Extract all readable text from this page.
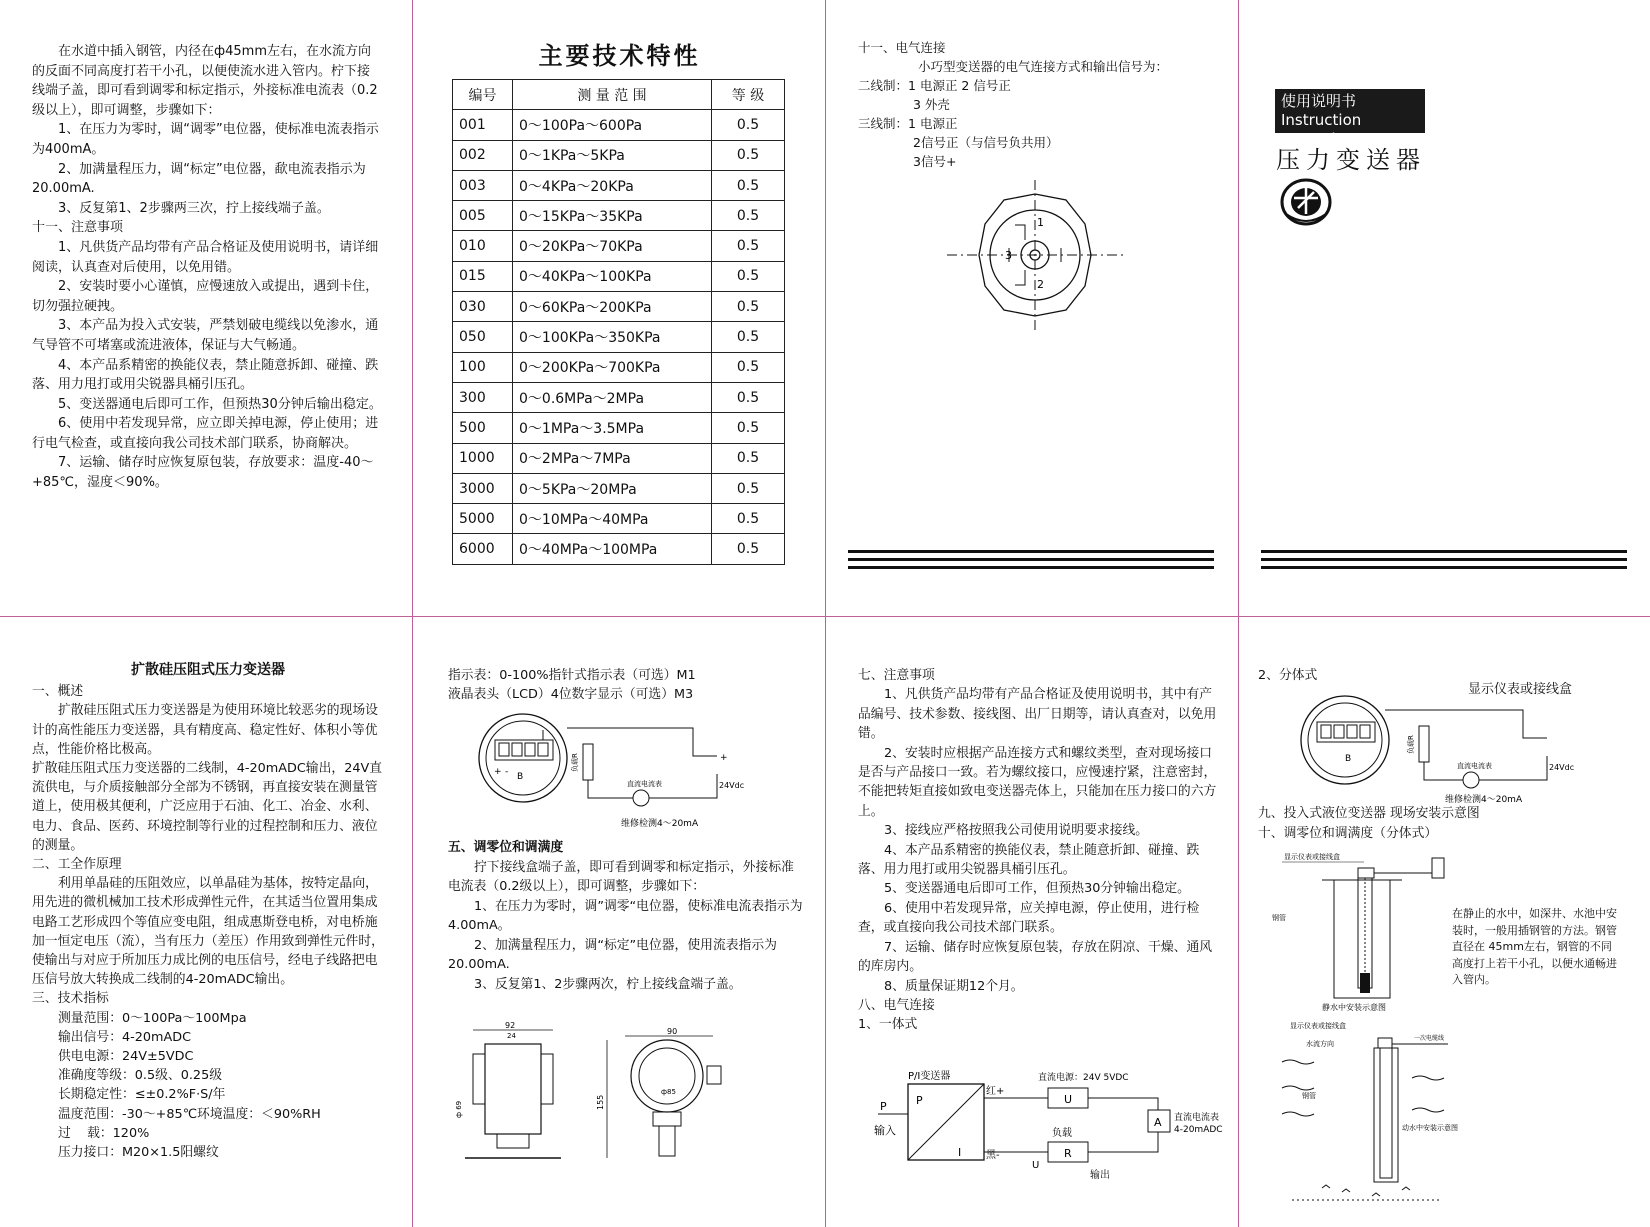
在水道中插入钢管，内径在ф45mm左右，在水流方向的反面不同高度打若干小孔，以便使流水进入管内。柠下接线端子盖，即可看到调零和标定指示，外接标准电流表（0.2级以上），即可调整，步骤如下：

1、在压力为零时，调“调零”电位器，使标准电流表指示为400mA。

2、加满量程压力，调“标定”电位器，歃电流表指示为20.00mA.

3、反复第1、2步骤两三次，拧上接线端子盖。

十一、注意事项

1、凡供货产品均带有产品合格证及使用说明书，请详细阅读，认真查对后使用，以免用错。

2、安装时要小心谨慎，应慢速放入或提出，遇到卡住，切勿强拉硬拽。

3、本产品为投入式安装，严禁划破电缆线以免渗水，通气导管不可堵塞或流进液体，保证与大气畅通。

4、本产品系精密的换能仪表，禁止随意拆卸、碰撞、跌落、用力甩打或用尖锐器具桶引压孔。

5、变送器通电后即可工作，但预热30分钟后输出稳定。

6、使用中若发现异常，应立即关掉电源，停止使用；进行电气检查，或直接向我公司技术部门联系，协商解决。

7、运输、储存时应恢复原包装，存放要求：温度-40～+85℃，湿度＜90%。

主要技术特性
编号	测 量 范 围	等 级
001	0～100Pa～600Pa	0.5
002	0～1KPa～5KPa	0.5
003	0～4KPa～20KPa	0.5
005	0～15KPa～35KPa	0.5
010	0～20KPa～70KPa	0.5
015	0～40KPa～100KPa	0.5
030	0～60KPa～200KPa	0.5
050	0～100KPa～350KPa	0.5
100	0～200KPa～700KPa	0.5
300	0～0.6MPa～2MPa	0.5
500	0～1MPa～3.5MPa	0.5
1000	0～2MPa～7MPa	0.5
3000	0～5KPa～20MPa	0.5
5000	0～10MPa～40MPa	0.5
6000	0～40MPa～100MPa	0.5

十一、电气连接

小巧型变送器的电气连接方式和输出信号为：

二线制：1 电源正 2 信号正

3 外壳

三线制：1 电源正

2信号正（与信号负共用）

3信号+

1
2
3
使用说明书
Instruction Manual
压力变送器

扩散硅压阻式压力变送器

一、概述

扩散硅压阻式压力变送器是为使用环境比较恶劣的现场设计的高性能压力变送器，具有精度高、稳定性好、体积小等优点，性能价格比极高。

扩散硅压阻式压力变送器的二线制，4-20mADC输出，24V直流供电，与介质接触部分全部为不锈钢，再直接安装在测量管道上，使用极其便利，广泛应用于石油、化工、冶金、水利、电力、食品、医药、环境控制等行业的过程控制和压力、液位的测量。

二、工全作原理

利用单晶硅的压阻效应，以单晶硅为基体，按特定晶向，用先进的微机械加工技术形成弹性元件，在其适当位置用集成电路工艺形成四个等值应变电阻，组成惠斯登电桥，对电桥施加一恒定电压（流），当有压力（差压）作用致到弹性元件时，使输出与对应于所加压力成比例的电压信号，经电子线路把电压信号放大转换成二线制的4-20mADC输出。

三、技术指标

测量范围：0～100Pa～100Mpa

输出信号：4-20mADC

供电电源：24V±5VDC

准确度等级：0.5级、0.25级

长期稳定性：≤±0.2%F·S/年

温度范围：-30～+85℃环境温度：＜90%RH

过    载：120%

压力接口：M20×1.5阳螺纹

指示表：0-100%指针式指示表（可选）M1

液晶表头（LCD）4位数字显示（可选）M3

+ - B
负载R
直流电流表
+
24Vdc
维修检测4～20mA

五、调零位和调满度

拧下接线盒端子盖，即可看到调零和标定指示，外接标准电流表（0.2级以上），即可调整，步骤如下：

1、在压力为零时，调”调零“电位器，使标准电流表指示为4.00mA。

2、加满量程压力，调“标定”电位器，使用流表指示为20.00mA.

3、反复第1、2步骤两次，柠上接线盒端子盖。

92
24
ф 69
90
ф85
155

七、注意事项

1、凡供货产品均带有产品合格证及使用说明书，其中有产品编号、技术参数、接线图、出厂日期等，请认真查对，以免用错。

2、安装时应根据产品连接方式和螺纹类型，查对现场接口是否与产品接口一致。若为螺纹接口，应慢速拧紧，注意密封，不能把转矩直接如致电变送器壳体上，只能加在压力接口的六方上。

3、接线应严格按照我公司使用说明要求接线。

4、本产品系精密的换能仪表，禁止随意折卸、碰撞、跌落、用力甩打或用尖锐器具桶引压孔。

5、变送器通电后即可工作，但预热30分钟输出稳定。

6、使用中若发现异常，应关掉电源，停止使用，进行检查，或直接向我公司技术部门联系。

7、运输、储存时应恢复原包装，存放在阴凉、干燥、通风的库房内。

8、质量保证期12个月。

八、电气连接

1、一体式

P/I变送器
P
I
P
输入
红+
黑-
直流电源：24V 5VDC
U
A
R
负载
U
直流电流表
4-20mADC
输出

2、分体式

显示仪表或接线盒
B
负载R
直流电流表	24Vdc
维修检测4～20mA

九、投入式液位变送器 现场安装示意图

十、调零位和调满度（分体式）

在静止的水中，如深井、水池中安装时，一般用插钢管的方法。钢管直径在 45mm左右，钢管的不同高度打上若干小孔，以便水通畅进入管内。
显示仪表或接线盒
钢管
静水中安装示意图
显示仪表或接线盒
一次电缆线
水流方向
钢管
动水中安装示意图
